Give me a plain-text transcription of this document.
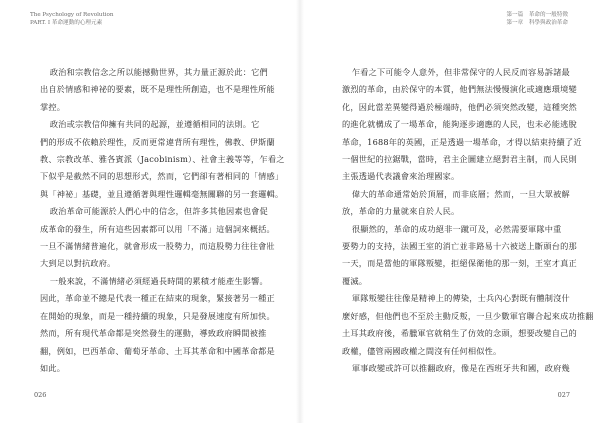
The Psychology of Revolution
PART. I 革命運動的心理元素
政治和宗教信念之所以能撼動世界，其力量正源於此：它們
出自於情感和神祕的要素，既不是理性所創造，也不是理性所能
掌控。
政治或宗教信仰擁有共同的起源，並遵循相同的法則。它
們的形成不依賴於理性，反而更常違背所有理性，佛教、伊斯蘭
教、宗教改革、雅各賓派（Jacobinism）、社會主義等等，乍看之
下似乎是截然不同的思想形式，然而，它們卻有著相同的「情感」
與「神祕」基礎，並且遵循著與理性邏輯毫無關聯的另一套邏輯。
政治革命可能源於人們心中的信念，但許多其他因素也會促
成革命的發生，所有這些因素都可以用「不滿」這個詞來概括。
一旦不滿情緒普遍化，就會形成一股勢力，而這股勢力往往會壯
大到足以對抗政府。
一般來說，不滿情緒必須經過長時間的累積才能產生影響。
因此，革命並不總是代表一種正在結束的現象，緊接著另一種正
在開始的現象，而是一種持續的現象，只是發展速度有所加快。
然而，所有現代革命都是突然發生的運動，導致政府瞬間被推
翻，例如，巴西革命、葡萄牙革命、土耳其革命和中國革命都是
如此。
026
第一篇　革命的一般特徵
第一章　科學與政治革命
乍看之下可能令人意外，但非常保守的人民反而容易訴諸最
激烈的革命，由於保守的本質，他們無法慢慢演化或適應環境變
化，因此當差異變得過於極端時，他們必須突然改變，這種突然
的進化就構成了一場革命，能夠逐步適應的人民，也未必能逃脫
革命，1688年的英國，正是透過一場革命，才得以結束持續了近
一個世紀的拉鋸戰，當時，君主企圖建立絕對君主制，而人民則
主張透過代表議會來治理國家。
偉大的革命通常始於頂層，而非底層；然而，一旦大眾被解
放，革命的力量就來自於人民。
很顯然的，革命的成功絕非一蹴可及，必然需要軍隊中重
要勢力的支持，法國王室的消亡並非路易十六被送上斷頭台的那
一天，而是當他的軍隊叛變，拒絕保衛他的那一刻，王室才真正
覆滅。
軍隊叛變往往像是精神上的傳染，士兵內心對既有體制沒什
麼好感，但他們也不至於主動反叛，一旦少數軍官聯合起來成功推翻
土耳其政府後，希臘軍官就稍生了仿效的念頭，想要改變自己的
政權，儘管兩國政權之間沒有任何相似性。
軍事政變或許可以推翻政府，像是在西班牙共和國，政府幾
027
